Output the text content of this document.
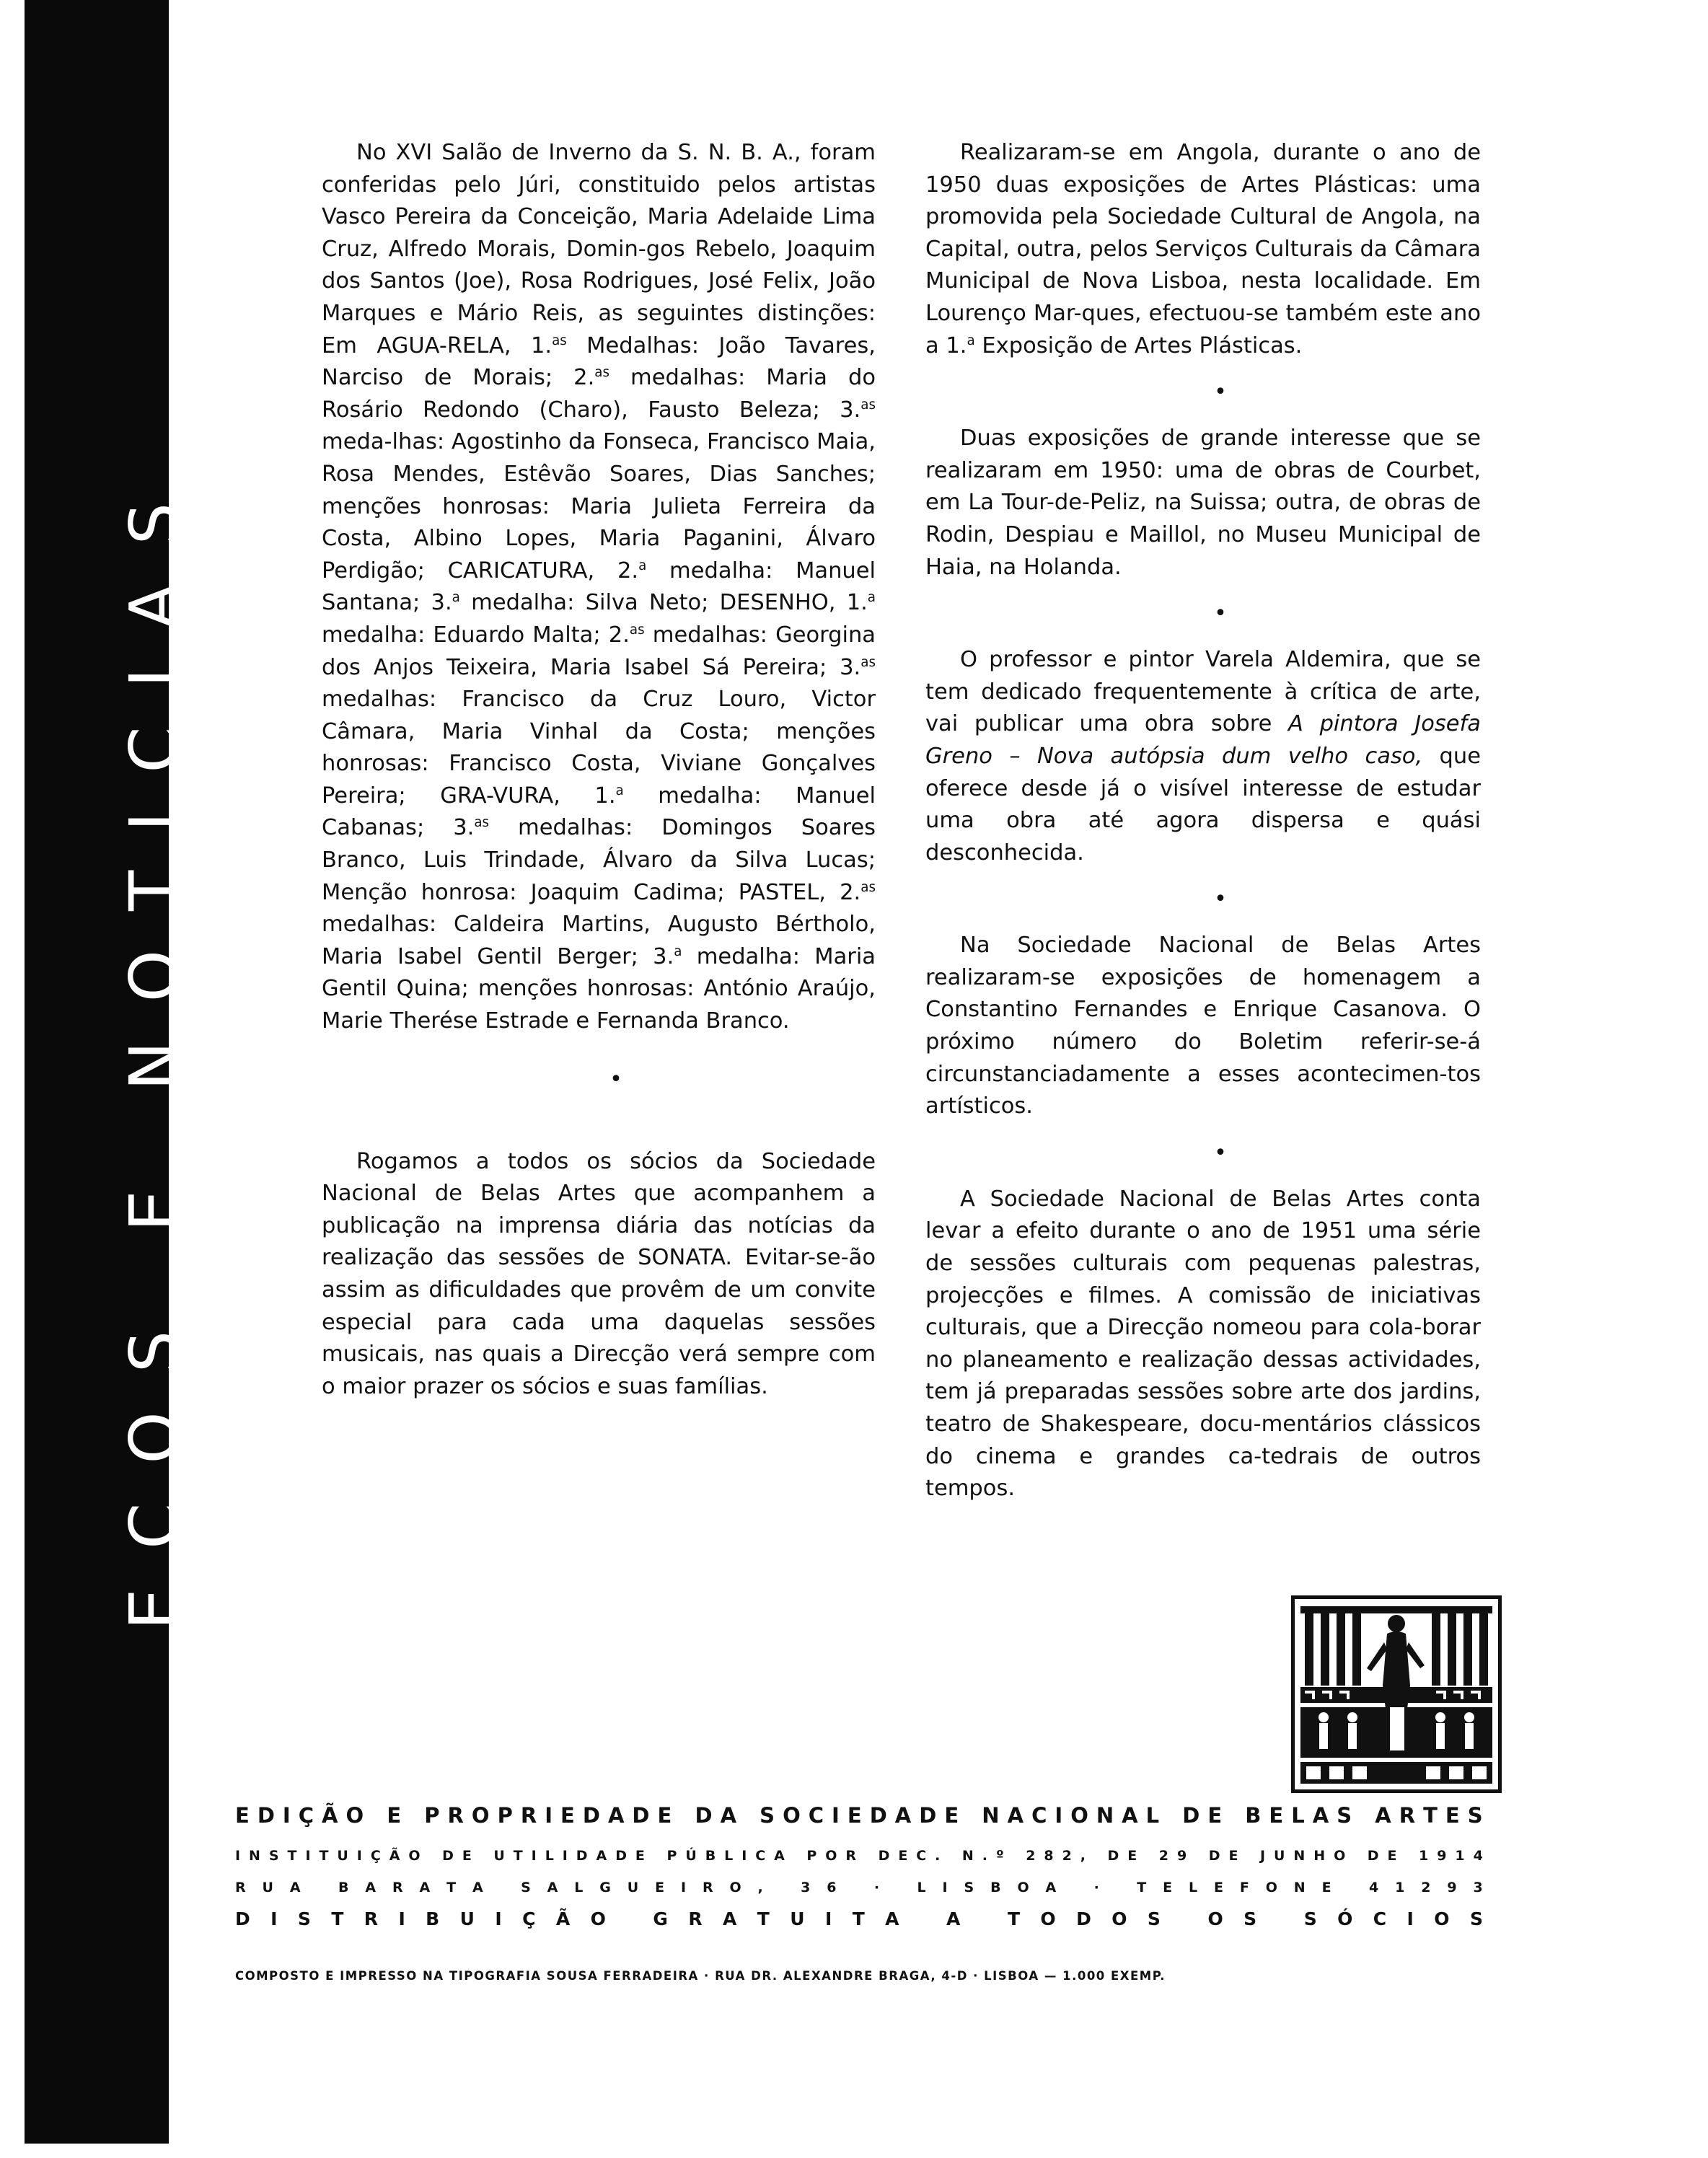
ECOS E NOTICIAS

No XVI Salão de Inverno da S. N. B. A., foram conferidas pelo Júri, constituido pelos artistas Vasco Pereira da Conceição, Maria Adelaide Lima Cruz, Alfredo Morais, Domin-gos Rebelo, Joaquim dos Santos (Joe), Rosa Rodrigues, José Felix, João Marques e Mário Reis, as seguintes distinções: Em AGUA-RELA, 1.$^{as}$ Medalhas: João Tavares, Narciso de Morais; 2.$^{as}$ medalhas: Maria do Rosário Redondo (Charo), Fausto Beleza; 3.$^{as}$ meda-lhas: Agostinho da Fonseca, Francisco Maia, Rosa Mendes, Estêvão Soares, Dias Sanches; menções honrosas: Maria Julieta Ferreira da Costa, Albino Lopes, Maria Paganini, Álvaro Perdigão; CARICATURA, 2.$^a$ medalha: Manuel Santana; 3.$^a$ medalha: Silva Neto; DESENHO, 1.$^a$ medalha: Eduardo Malta; 2.$^{as}$ medalhas: Georgina dos Anjos Teixeira, Maria Isabel Sá Pereira; 3.$^{as}$ medalhas: Francisco da Cruz Louro, Victor Câmara, Maria Vinhal da Costa; menções honrosas: Francisco Costa, Viviane Gonçalves Pereira; GRA-VURA, 1.$^a$ medalha: Manuel Cabanas; 3.$^{as}$ medalhas: Domingos Soares Branco, Luis Trindade, Álvaro da Silva Lucas; Menção honrosa: Joaquim Cadima; PASTEL, 2.$^{as}$ medalhas: Caldeira Martins, Augusto Bértholo, Maria Isabel Gentil Berger; 3.$^a$ medalha: Maria Gentil Quina; menções honrosas: António Araújo, Marie Therése Estrade e Fernanda Branco.

•

Rogamos a todos os sócios da Sociedade Nacional de Belas Artes que acompanhem a publicação na imprensa diária das notícias da realização das sessões de SONATA. Evitar-se-ão assim as dificuldades que provêm de um convite especial para cada uma daquelas sessões musicais, nas quais a Direcção verá sempre com o maior prazer os sócios e suas famílias.

Realizaram-se em Angola, durante o ano de 1950 duas exposições de Artes Plásticas: uma promovida pela Sociedade Cultural de Angola, na Capital, outra, pelos Serviços Culturais da Câmara Municipal de Nova Lisboa, nesta localidade. Em Lourenço Mar-ques, efectuou-se também este ano a 1.$^a$ Exposição de Artes Plásticas.

•

Duas exposições de grande interesse que se realizaram em 1950: uma de obras de Courbet, em La Tour-de-Peliz, na Suissa; outra, de obras de Rodin, Despiau e Maillol, no Museu Municipal de Haia, na Holanda.

•

O professor e pintor Varela Aldemira, que se tem dedicado frequentemente à crítica de arte, vai publicar uma obra sobre A pintora Josefa Greno – Nova autópsia dum velho caso, que oferece desde já o visível interesse de estudar uma obra até agora dispersa e quási desconhecida.

•

Na Sociedade Nacional de Belas Artes realizaram-se exposições de homenagem a Constantino Fernandes e Enrique Casanova. O próximo número do Boletim referir-se-á circunstanciadamente a esses acontecimen-tos artísticos.

•

A Sociedade Nacional de Belas Artes conta levar a efeito durante o ano de 1951 uma série de sessões culturais com pequenas palestras, projecções e filmes. A comissão de iniciativas culturais, que a Direcção nomeou para cola-borar no planeamento e realização dessas actividades, tem já preparadas sessões sobre arte dos jardins, teatro de Shakespeare, docu-mentários clássicos do cinema e grandes ca-tedrais de outros tempos.

E D I Ç Ã O
E
P R O P R I E D A D E
D A
S O C I E D A D E
N A C I O N A L
D E
B E L A S
A R T E S
I N S T I T U I Ç Ã O
D E
U T I L I D A D E
P Ú B L I C A
P O R
D E C .
N . º
2 8 2 ,
D E
2 9
D E
J U N H O
D E
1 9 1 4
R U A
	B A R A T A
	S A L G U E I R O ,
	3 6
	·
	L I S B O A
	·
	T E L E F O N E
	4 1 2 9 3
D I S T R I B U I Ç Ã O
	G R A T U I T A
	A
	T O D O S
	O S
	S Ó C I O S
COMPOSTO E IMPRESSO NA TIPOGRAFIA SOUSA FERRADEIRA · RUA DR. ALEXANDRE BRAGA, 4-D · LISBOA — 1.000 EXEMP.
